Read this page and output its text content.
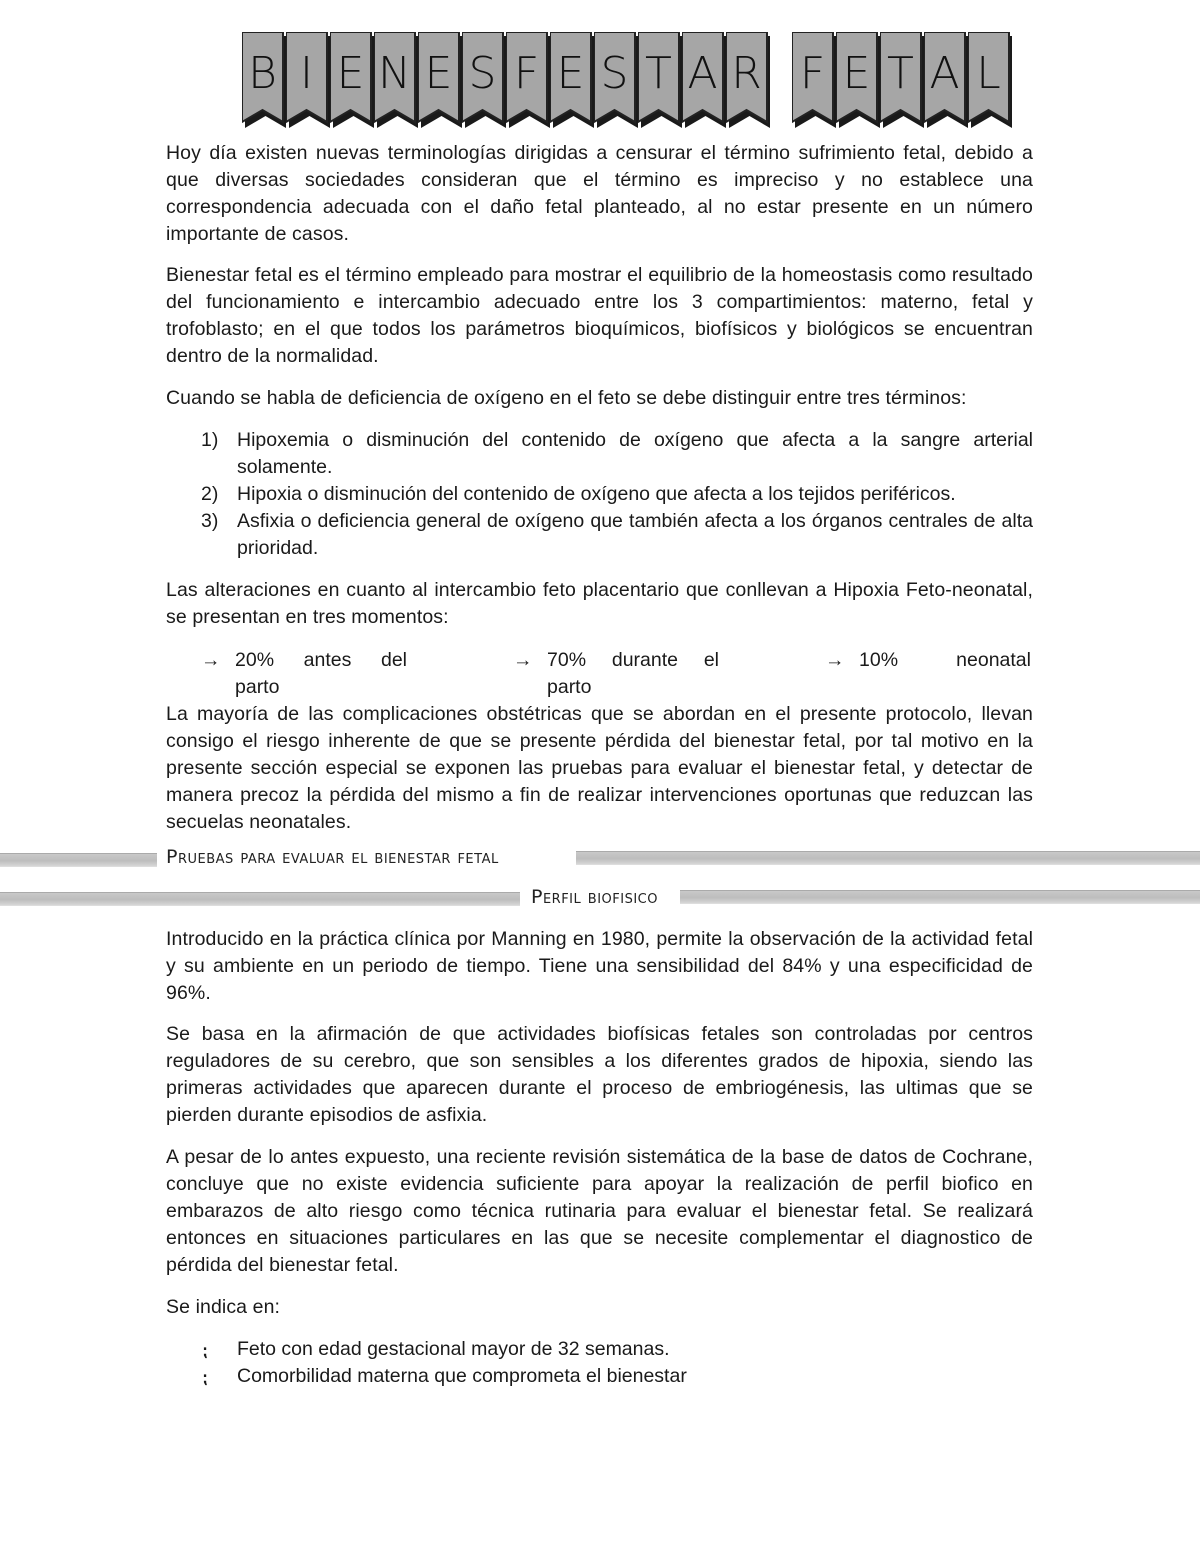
B I E N E S F E S T A R F E T A L
Hoy día existen nuevas terminologías dirigidas a censurar el término sufrimiento fetal, debido a que diversas sociedades consideran que el término es impreciso y no establece una correspondencia adecuada con el daño fetal planteado, al no estar presente en un número importante de casos.
Bienestar fetal es el término empleado para mostrar el equilibrio de la homeostasis como resultado del funcionamiento e intercambio adecuado entre los 3 compartimientos: materno, fetal y trofoblasto; en el que todos los parámetros bioquímicos, biofísicos y biológicos se encuentran dentro de la normalidad.
Cuando se habla de deficiencia de oxígeno en el feto se debe distinguir entre tres términos:
1) Hipoxemia o disminución del contenido de oxígeno que afecta a la sangre arterial solamente.
2) Hipoxia o disminución del contenido de oxígeno que afecta a los tejidos periféricos.
3) Asfixia o deficiencia general de oxígeno que también afecta a los órganos centrales de alta prioridad.
Las alteraciones en cuanto al intercambio feto placentario que conllevan a Hipoxia Feto-neonatal, se presentan en tres momentos:
→ 20% antes del
parto
→ 70% durante el
parto
→ 10% neonatal
La mayoría de las complicaciones obstétricas que se abordan en el presente protocolo, llevan consigo el riesgo inherente de que se presente pérdida del bienestar fetal, por tal motivo en la presente sección especial se exponen las pruebas para evaluar el bienestar fetal, y detectar de manera precoz la pérdida del mismo a fin de realizar intervenciones oportunas que reduzcan las secuelas neonatales.
Pruebas para evaluar el bienestar fetal
Perfil biofisico
Introducido en la práctica clínica por Manning en 1980, permite la observación de la actividad fetal y su ambiente en un periodo de tiempo. Tiene una sensibilidad del 84% y una especificidad de 96%.
Se basa en la afirmación de que actividades biofísicas fetales son controladas por centros reguladores de su cerebro, que son sensibles a los diferentes grados de hipoxia, siendo las primeras actividades que aparecen durante el proceso de embriogénesis, las ultimas que se pierden durante episodios de asfixia.
A pesar de lo antes expuesto, una reciente revisión sistemática de la base de datos de Cochrane, concluye que no existe evidencia suficiente para apoyar la realización de perfil biofico en embarazos de alto riesgo como técnica rutinaria para evaluar el bienestar fetal. Se realizará entonces en situaciones particulares en las que se necesite complementar el diagnostico de pérdida del bienestar fetal.
Se indica en:
⁏ Feto con edad gestacional mayor de 32 semanas.
⁏ Comorbilidad materna que comprometa el bienestar
